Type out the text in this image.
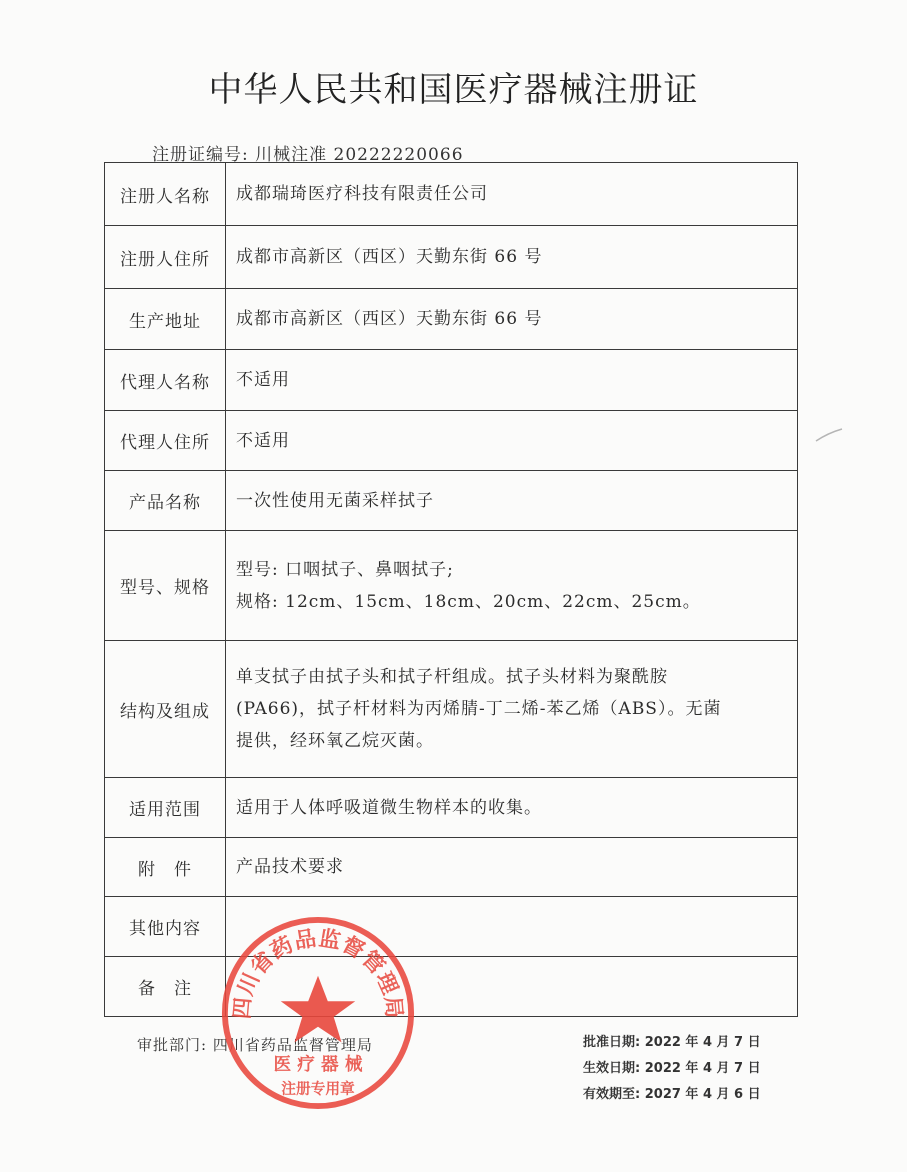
中华人民共和国医疗器械注册证
注册证编号: 川械注准 20222220066
注册人名称	成都瑞琦医疗科技有限责任公司
注册人住所	成都市高新区（西区）天勤东街 66 号
生产地址	成都市高新区（西区）天勤东街 66 号
代理人名称	不适用
代理人住所	不适用
产品名称	一次性使用无菌采样拭子
型号、规格	型号: 口咽拭子、鼻咽拭子;
规格: 12cm、15cm、18cm、20cm、22cm、25cm。

结构及组成	单支拭子由拭子头和拭子杆组成。拭子头材料为聚酰胺
(PA66)，拭子杆材料为丙烯腈-丁二烯-苯乙烯（ABS）。无菌
提供，经环氧乙烷灭菌。

适用范围	适用于人体呼吸道微生物样本的收集。
附　件	产品技术要求
其他内容	
备　注	
审批部门: 四川省药品监督管理局	批准日期: 2022 年 4 月 7 日
生效日期: 2022 年 4 月 7 日
有效期至: 2027 年 4 月 6 日
四川省药品监督管理局
医 疗 器 械
注册专用章
